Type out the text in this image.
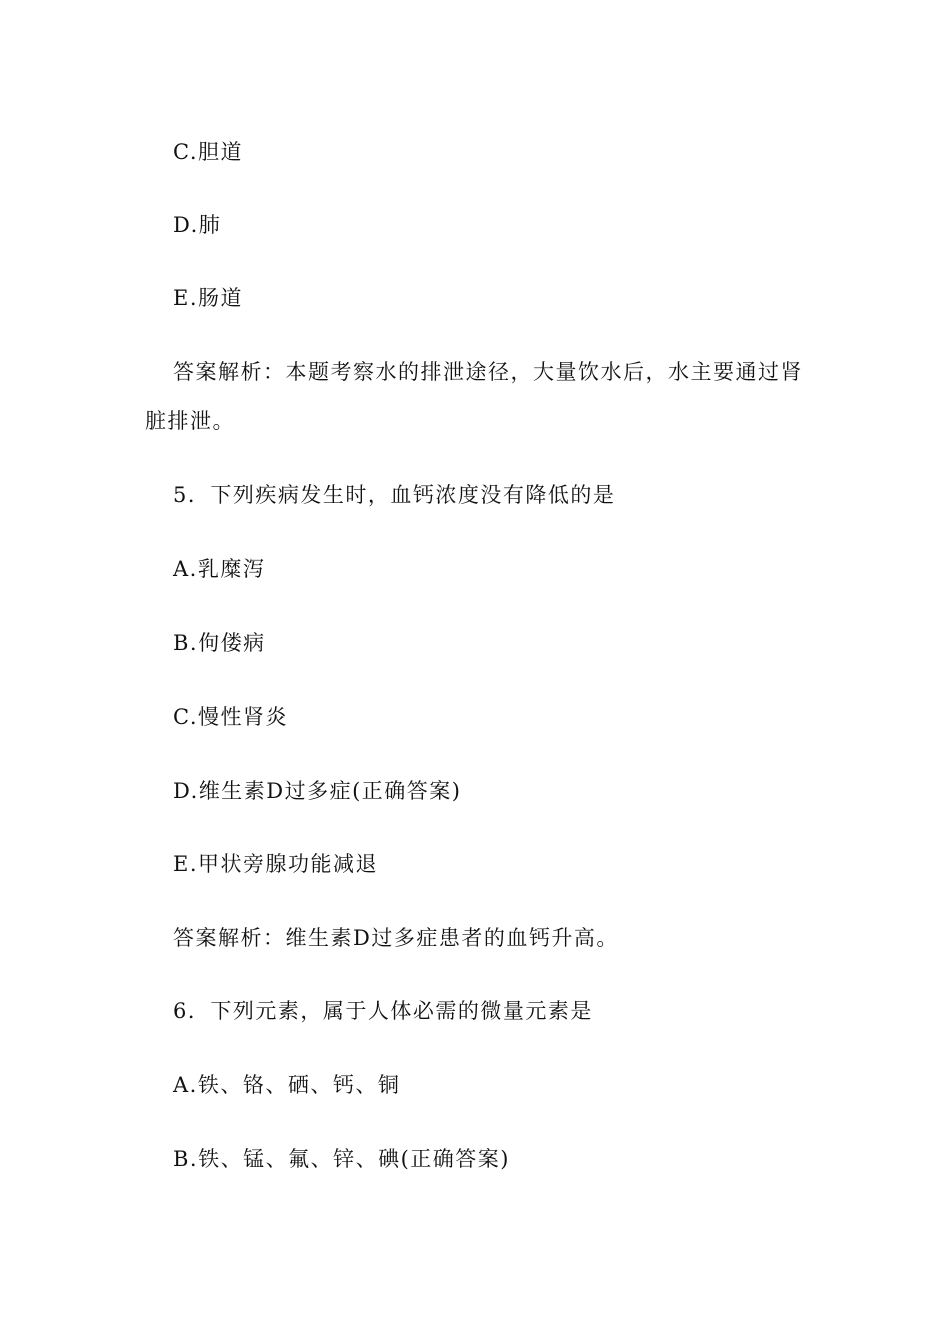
C.胆道
D.肺
E.肠道
答案解析：本题考察水的排泄途径，大量饮水后，水主要通过肾
脏排泄。
5．下列疾病发生时，血钙浓度没有降低的是
A.乳糜泻
B.佝偻病
C.慢性肾炎
D.维生素D过多症(正确答案)
E.甲状旁腺功能减退
答案解析：维生素D过多症患者的血钙升高。
6．下列元素，属于人体必需的微量元素是
A.铁、铬、硒、钙、铜
B.铁、锰、氟、锌、碘(正确答案)
